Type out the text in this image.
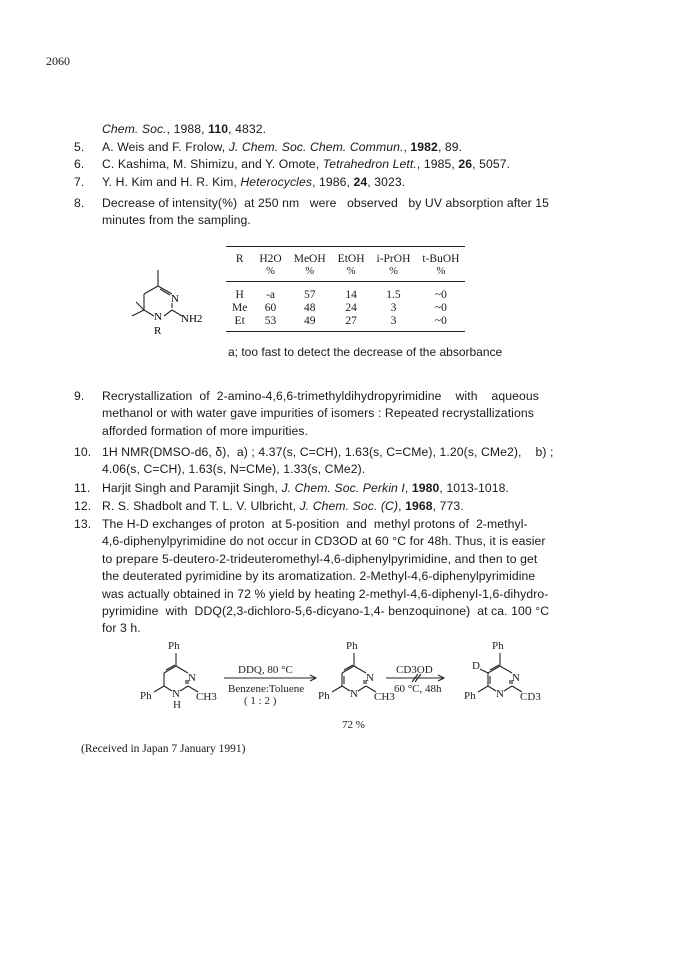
2060
Chem. Soc., 1988, 110, 4832.
5.	A. Weis and F. Frolow, J. Chem. Soc. Chem. Commun., 1982, 89.
6.	C. Kashima, M. Shimizu, and Y. Omote, Tetrahedron Lett., 1985, 26, 5057.
7.	Y. H. Kim and H. R. Kim, Heterocycles, 1986, 24, 3023.
8.	Decrease of intensity(%)  at 250 nm   were   observed   by UV absorption after 15
minutes from the sampling.
N
N NH2
R
R	H2O	MeOH	EtOH	i-PrOH	t-BuOH
	%	%	%	%	%
H	-a	57	14	1.5	~0
Me	60	48	24	3	~0
Et	53	49	27	3	~0
a; too fast to detect the decrease of the absorbance
9.	Recrystallization  of  2-amino-4,6,6-trimethyldihydropyrimidine    with    aqueous
methanol or with water gave impurities of isomers : Repeated recrystallizations
afforded formation of more impurities.
10. 1H NMR(DMSO-d6, δ),  a) ; 4.37(s, C=CH), 1.63(s, C=CMe), 1.20(s, CMe2),    b) ;
4.06(s, C=CH), 1.63(s, N=CMe), 1.33(s, CMe2).
11. Harjit Singh and Paramjit Singh, J. Chem. Soc. Perkin I, 1980, 1013-1018.
12. R. S. Shadbolt and T. L. V. Ulbricht, J. Chem. Soc. (C), 1968, 773.
13. The H-D exchanges of proton  at 5-position  and  methyl protons of  2-methyl-
4,6-diphenylpyrimidine do not occur in CD3OD at 60 °C for 48h. Thus, it is easier
to prepare 5-deutero-2-trideuteromethyl-4,6-diphenylpyrimidine, and then to get
the deuterated pyrimidine by its aromatization. 2-Methyl-4,6-diphenylpyrimidine
was actually obtained in 72 % yield by heating 2-methyl-4,6-diphenyl-1,6-dihydro-
pyrimidine  with  DDQ(2,3-dichloro-5,6-dicyano-1,4- benzoquinone)  at ca. 100 °C
for 3 h.
Ph
N
N
H
Ph	CH3
DDQ, 80 °C
Benzene:Toluene
( 1 : 2 )
Ph
N
N
Ph	CH3
72 %
CD3OD
60 °C, 48h
Ph
D
N
N
Ph	CD3
(Received in Japan 7 January 1991)
